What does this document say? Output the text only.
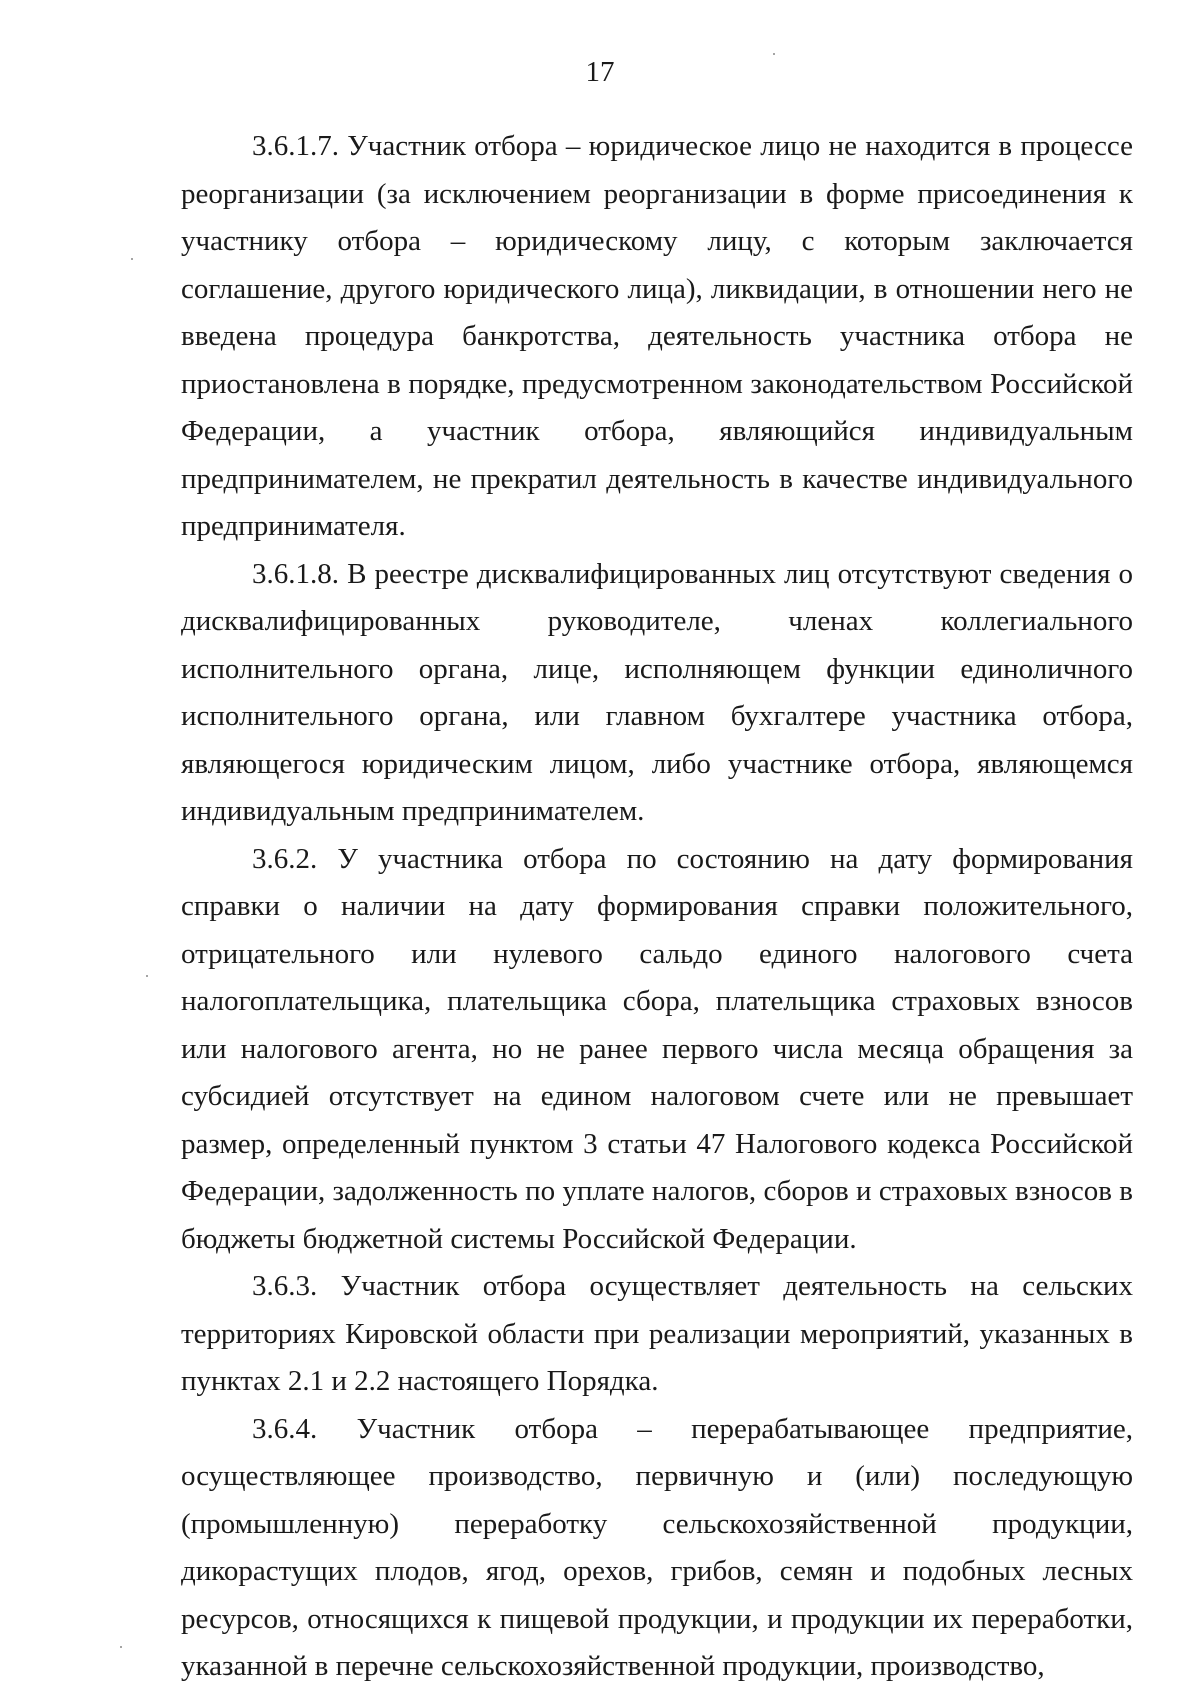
17

3.6.1.7. Участник отбора – юридическое лицо не находится в процессе реорганизации (за исключением реорганизации в форме присоединения к участнику отбора – юридическому лицу, с которым заключается соглашение, другого юридического лица), ликвидации, в отношении него не введена процедура банкротства, деятельность участника отбора не приостановлена в порядке, предусмотренном законодательством Российской Федерации, а участник отбора, являющийся индивидуальным предпринимателем, не прекратил деятельность в качестве индивидуального предпринимателя.

3.6.1.8. В реестре дисквалифицированных лиц отсутствуют сведения о дисквалифицированных руководителе, членах коллегиального исполнительного органа, лице, исполняющем функции единоличного исполнительного органа, или главном бухгалтере участника отбора, являющегося юридическим лицом, либо участнике отбора, являющемся индивидуальным предпринимателем.

3.6.2. У участника отбора по состоянию на дату формирования справки о наличии на дату формирования справки положительного, отрицательного или нулевого сальдо единого налогового счета налогоплательщика, плательщика сбора, плательщика страховых взносов или налогового агента, но не ранее первого числа месяца обращения за субсидией отсутствует на едином налоговом счете или не превышает размер, определенный пунктом 3 статьи 47 Налогового кодекса Российской Федерации, задолженность по уплате налогов, сборов и страховых взносов в бюджеты бюджетной системы Российской Федерации.

3.6.3. Участник отбора осуществляет деятельность на сельских территориях Кировской области при реализации мероприятий, указанных в пунктах 2.1 и 2.2 настоящего Порядка.

3.6.4. Участник отбора – перерабатывающее предприятие, осуществляющее производство, первичную и (или) последующую (промышленную) переработку сельскохозяйственной продукции, дикорастущих плодов, ягод, орехов, грибов, семян и подобных лесных ресурсов, относящихся к пищевой продукции, и продукции их переработки, указанной в перечне сельскохозяйственной продукции, производство,
